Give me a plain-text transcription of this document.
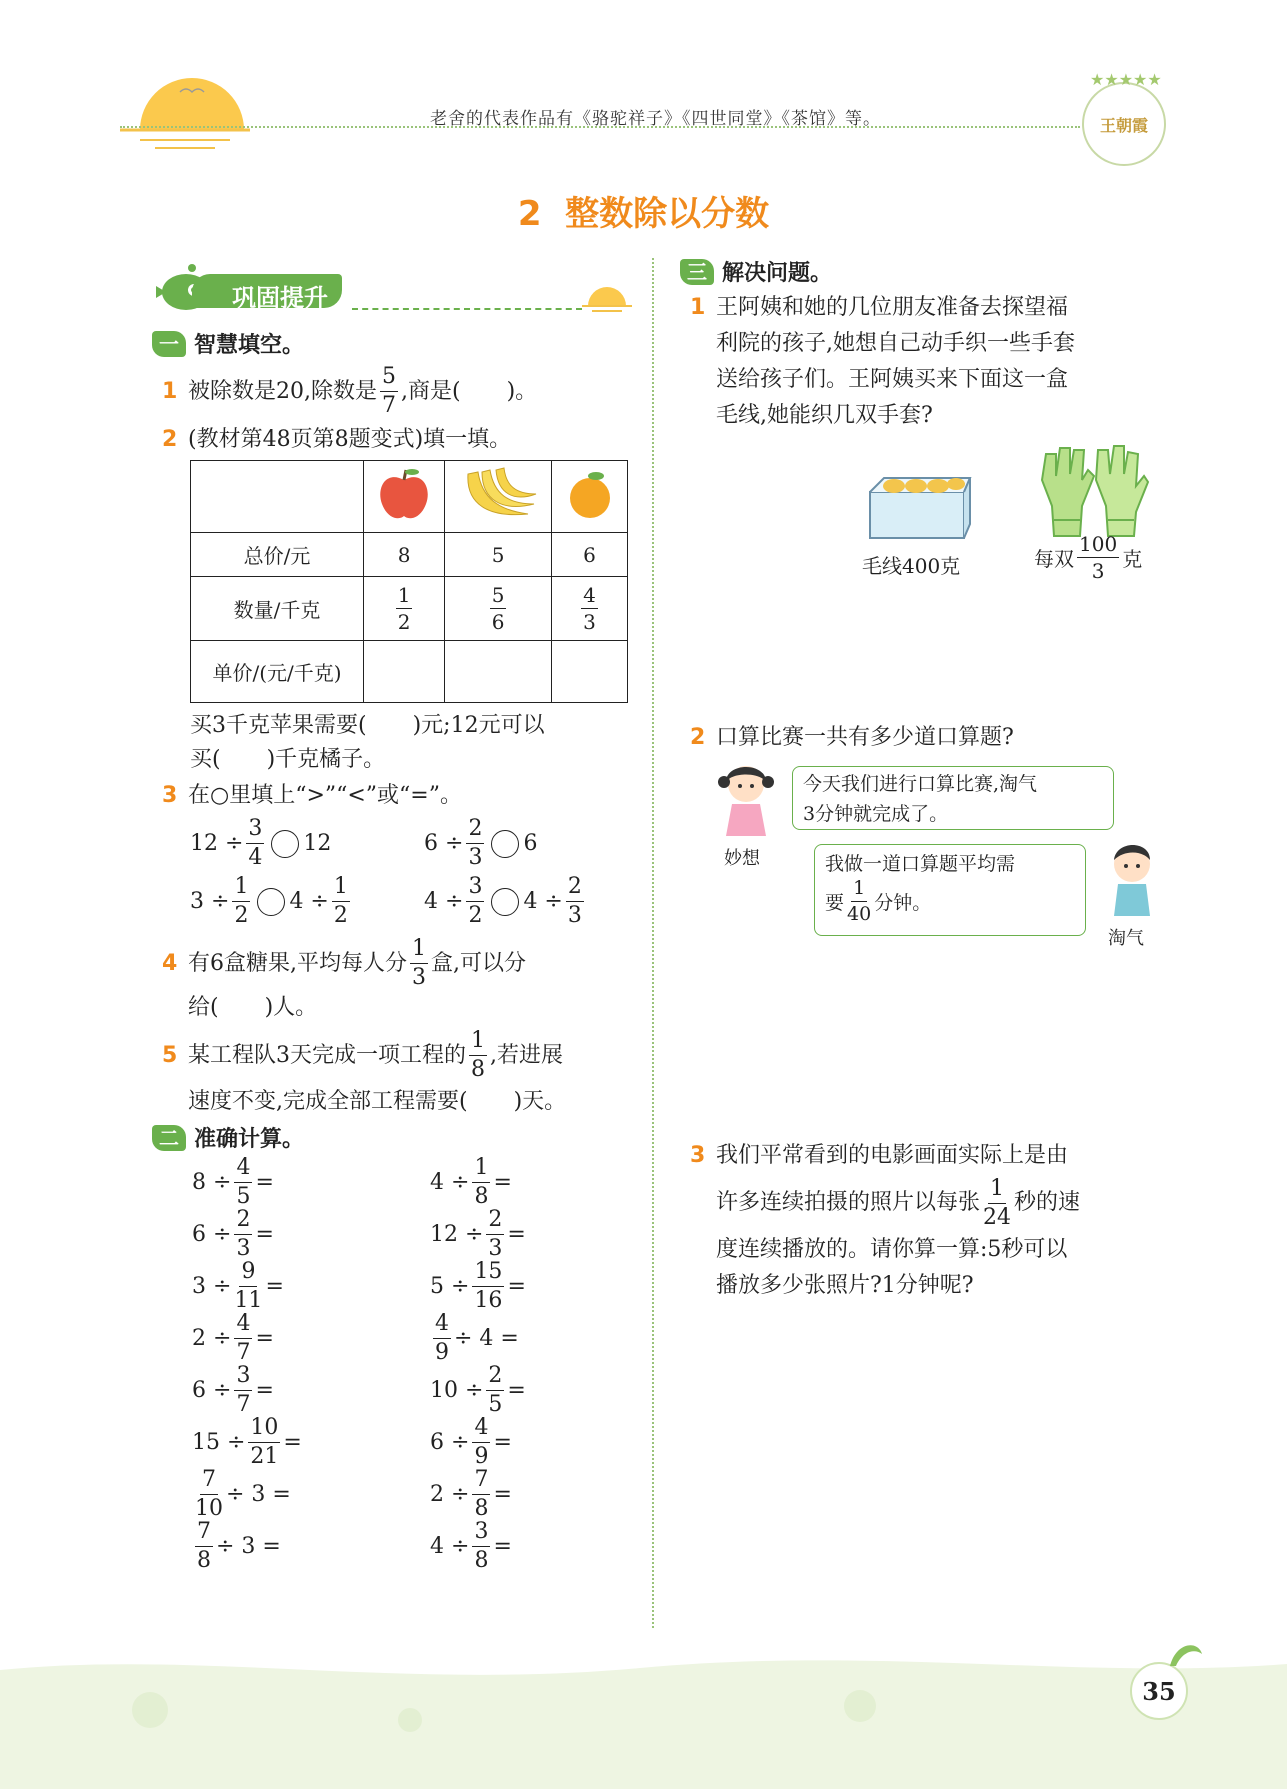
老舍的代表作品有《骆驼祥子》《四世同堂》《茶馆》等。	王朝霞
★★★★★
2  整数除以分数
巩固提升
一 智慧填空。
1 被除数是20,除数是 $\frac{5}{7}$ ,商是( )。
2 (教材第48页第8题变式)填一填。

总价/元	8	5	6
数量/千克	$\frac{1}{2}$	$\frac{5}{6}$	$\frac{4}{3}$

单价/(元/千克)			
买3千克苹果需要( )元;12元可以
买( )千克橘子。
3 在○里填上“>”“<”或“=”。
$12 \div \frac{3}{4} 12$	$6 \div \frac{2}{3} 6$
$3 \div \frac{1}{2} 4 \div \frac{1}{2}$	$4 \div \frac{3}{2} 4 \div \frac{2}{3}$
4 有6盒糖果,平均每人分 $\frac{1}{3}$ 盒,可以分
给( )人。
5 某工程队3天完成一项工程的 $\frac{1}{8}$ ,若进展
速度不变,完成全部工程需要( )天。
二 准确计算。
$8 \div \frac{4}{5}$ =
$6 \div \frac{2}{3}$ =
$3 \div \frac{9}{11}$ =
$2 \div \frac{4}{7}$ =
$6 \div \frac{3}{7}$ =
$15 \div \frac{10}{21}$ =
$\frac{7}{10} \div 3$ =
$\frac{7}{8} \div 3$ =
$4 \div \frac{1}{8}$ =
$12 \div \frac{2}{3}$ =
$5 \div \frac{15}{16}$ =
$\frac{4}{9} \div 4$ =
$10 \div \frac{2}{5}$ =
$6 \div \frac{4}{9}$ =
$2 \div \frac{7}{8}$ =
$4 \div \frac{3}{8}$ =
三 解决问题。
1 王阿姨和她的几位朋友准备去探望福
利院的孩子,她想自己动手织一些手套
送给孩子们。王阿姨买来下面这一盒
毛线,她能织几双手套?
毛线400克	每双 $\frac{100}{3}$ 克
2 口算比赛一共有多少道口算题?
妙想
今天我们进行口算比赛,淘气
3分钟就完成了。
我做一道口算题平均需
要 $\frac{1}{40}$ 分钟。
淘气
3 我们平常看到的电影画面实际上是由
许多连续拍摄的照片以每张 $\frac{1}{24}$ 秒的速
度连续播放的。请你算一算:5秒可以
播放多少张照片?1分钟呢?
35
